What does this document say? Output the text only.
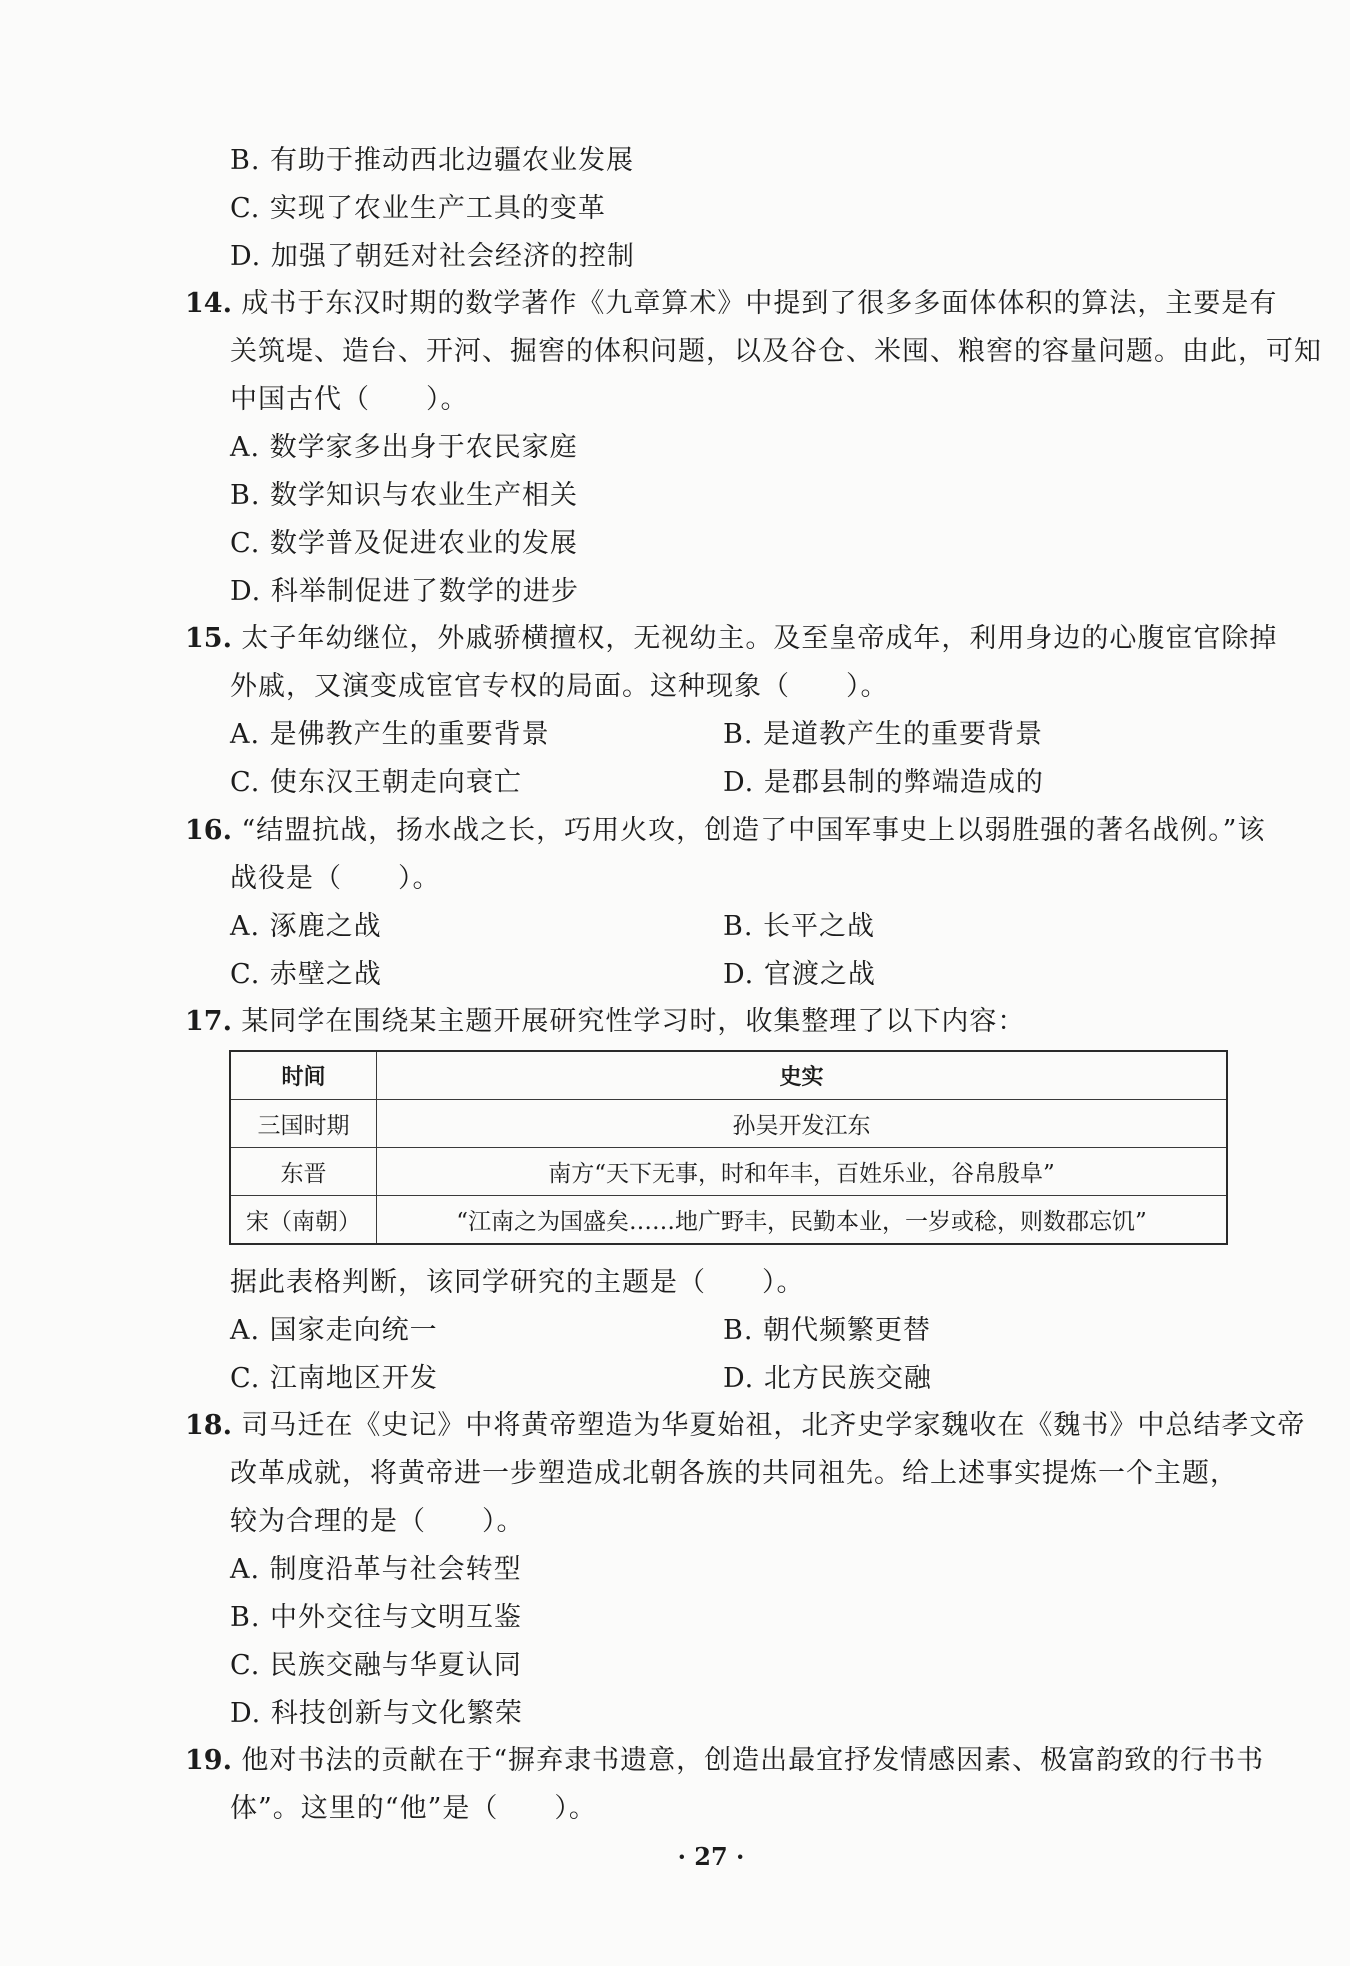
B. 有助于推动西北边疆农业发展
C. 实现了农业生产工具的变革
D. 加强了朝廷对社会经济的控制
14. 成书于东汉时期的数学著作《九章算术》中提到了很多多面体体积的算法，主要是有
关筑堤、造台、开河、掘窖的体积问题，以及谷仓、米囤、粮窖的容量问题。由此，可知
中国古代（　　）。
A. 数学家多出身于农民家庭
B. 数学知识与农业生产相关
C. 数学普及促进农业的发展
D. 科举制促进了数学的进步
15. 太子年幼继位，外戚骄横擅权，无视幼主。及至皇帝成年，利用身边的心腹宦官除掉
外戚，又演变成宦官专权的局面。这种现象（　　）。
A. 是佛教产生的重要背景	B. 是道教产生的重要背景
C. 使东汉王朝走向衰亡	D. 是郡县制的弊端造成的
16. “结盟抗战，扬水战之长，巧用火攻，创造了中国军事史上以弱胜强的著名战例。”该
战役是（　　）。
A. 涿鹿之战	B. 长平之战
C. 赤壁之战	D. 官渡之战
17. 某同学在围绕某主题开展研究性学习时，收集整理了以下内容：
时间	史实
三国时期	孙吴开发江东
东晋	南方“天下无事，时和年丰，百姓乐业，谷帛殷阜”
宋（南朝）	“江南之为国盛矣……地广野丰，民勤本业，一岁或稔，则数郡忘饥”
据此表格判断，该同学研究的主题是（　　）。
A. 国家走向统一	B. 朝代频繁更替
C. 江南地区开发	D. 北方民族交融
18. 司马迁在《史记》中将黄帝塑造为华夏始祖，北齐史学家魏收在《魏书》中总结孝文帝
改革成就，将黄帝进一步塑造成北朝各族的共同祖先。给上述事实提炼一个主题，
较为合理的是（　　）。
A. 制度沿革与社会转型
B. 中外交往与文明互鉴
C. 民族交融与华夏认同
D. 科技创新与文化繁荣
19. 他对书法的贡献在于“摒弃隶书遗意，创造出最宜抒发情感因素、极富韵致的行书书
体”。这里的“他”是（　　）。
· 27 ·
